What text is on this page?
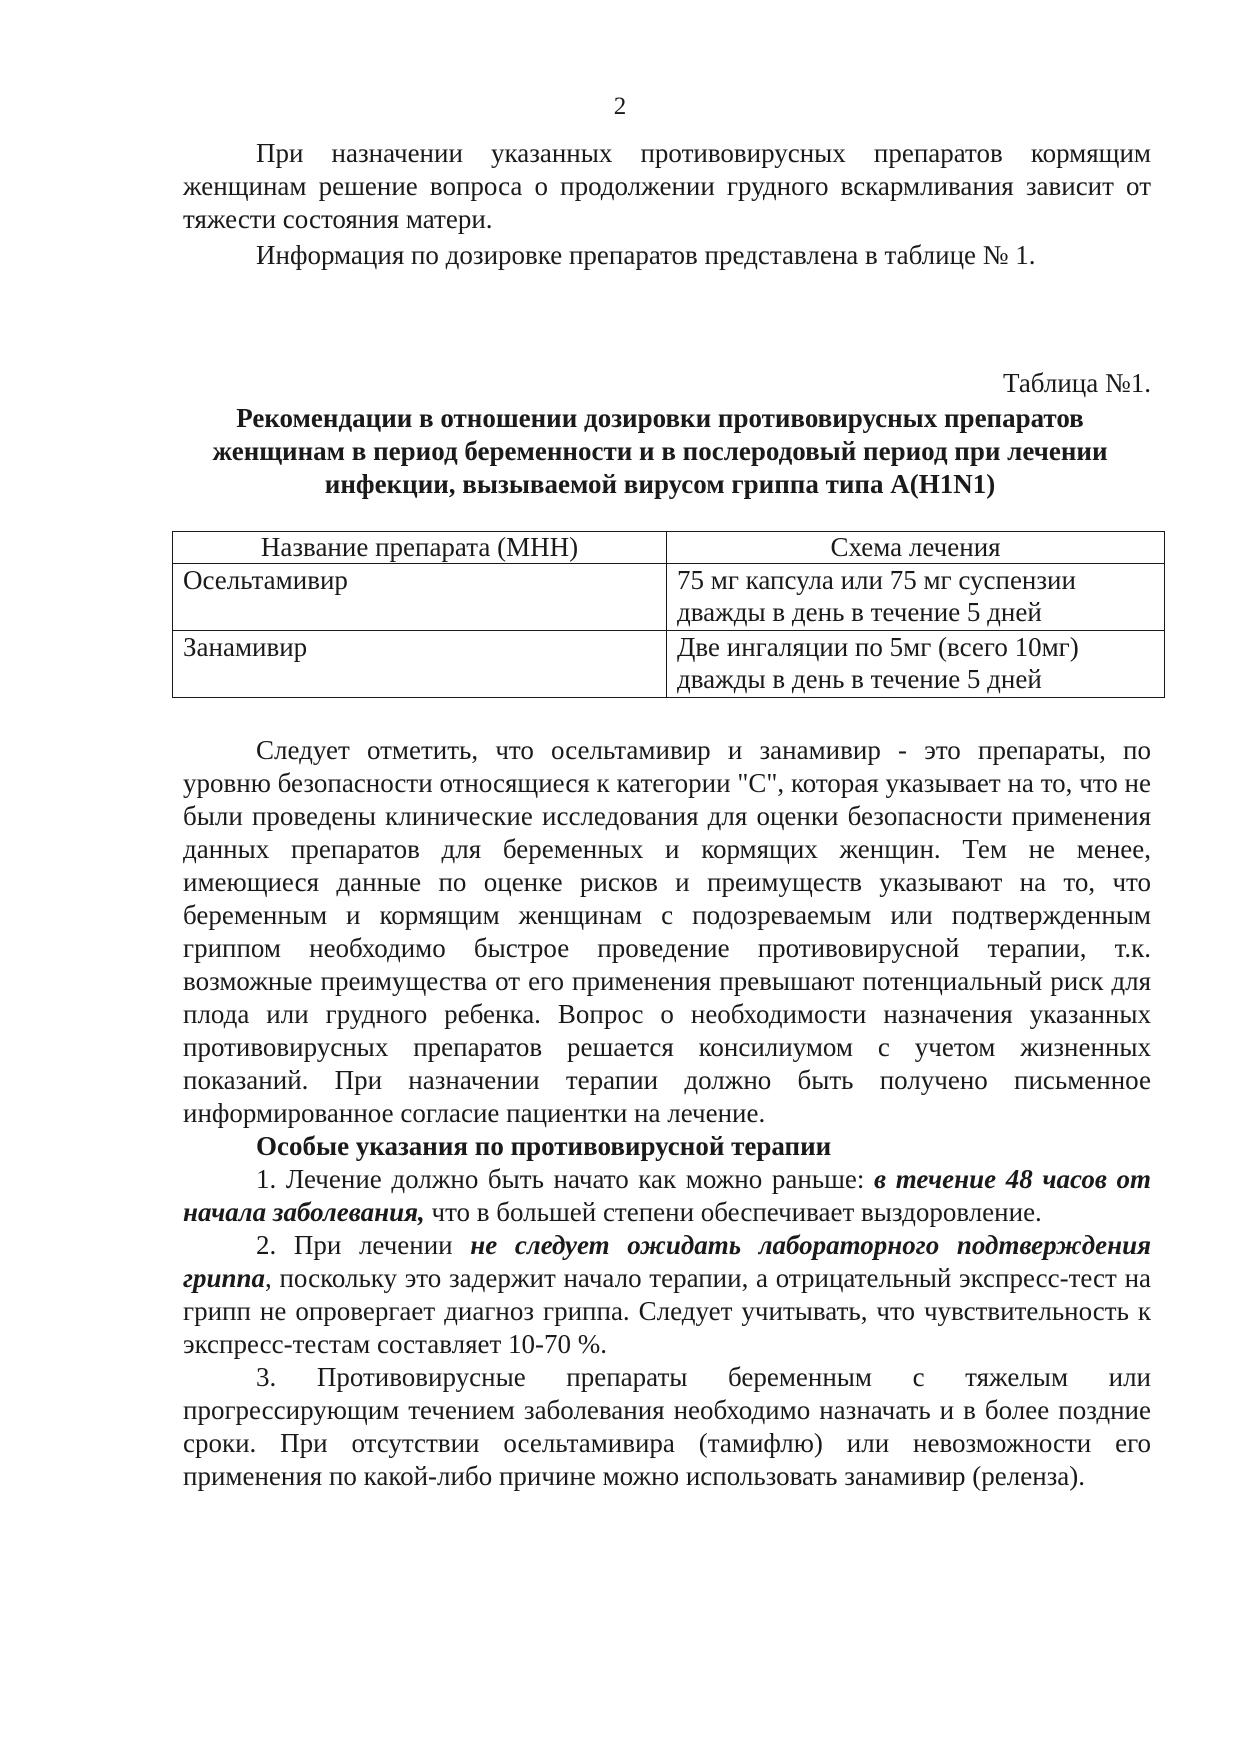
2

При назначении указанных противовирусных препаратов кормящим женщинам решение вопроса о продолжении грудного вскармливания зависит от тяжести состояния матери.

Информация по дозировке препаратов представлена в таблице № 1.

Таблица №1.
Рекомендации в отношении дозировки противовирусных препаратов
женщинам в период беременности и в послеродовый период при лечении
инфекции, вызываемой вирусом гриппа типа А(H1N1)
Название препарата (МНН)	Схема лечения
Осельтамивир	75 мг капсула или 75 мг суспензии
дважды в день в течение 5 дней

Занамивир	Две ингаляции по 5мг (всего 10мг)
дважды в день в течение 5 дней

Следует отметить, что осельтамивир и занамивир - это препараты, по уровню безопасности относящиеся к категории "С", которая указывает на то, что не были проведены клинические исследования для оценки безопасности применения данных препаратов для беременных и кормящих женщин. Тем не менее, имеющиеся данные по оценке рисков и преимуществ указывают на то, что беременным и кормящим женщинам с подозреваемым или подтвержденным гриппом необходимо быстрое проведение противовирусной терапии, т.к. возможные преимущества от его применения превышают потенциальный риск для плода или грудного ребенка. Вопрос о необходимости назначения указанных противовирусных препаратов решается консилиумом с учетом жизненных показаний. При назначении терапии должно быть получено письменное информированное согласие пациентки на лечение.

Особые указания по противовирусной терапии

1. Лечение должно быть начато как можно раньше: в течение 48 часов от начала заболевания, что в большей степени обеспечивает выздоровление.

2. При лечении не следует ожидать лабораторного подтверждения гриппа, поскольку это задержит начало терапии, а отрицательный экспресс-тест на грипп не опровергает диагноз гриппа. Следует учитывать, что чувствительность к экспресс-тестам составляет 10-70 %.

3. Противовирусные препараты беременным с тяжелым или прогрессирующим течением заболевания необходимо назначать и в более поздние сроки. При отсутствии осельтамивира (тамифлю) или невозможности его применения по какой-либо причине можно использовать занамивир (реленза).
